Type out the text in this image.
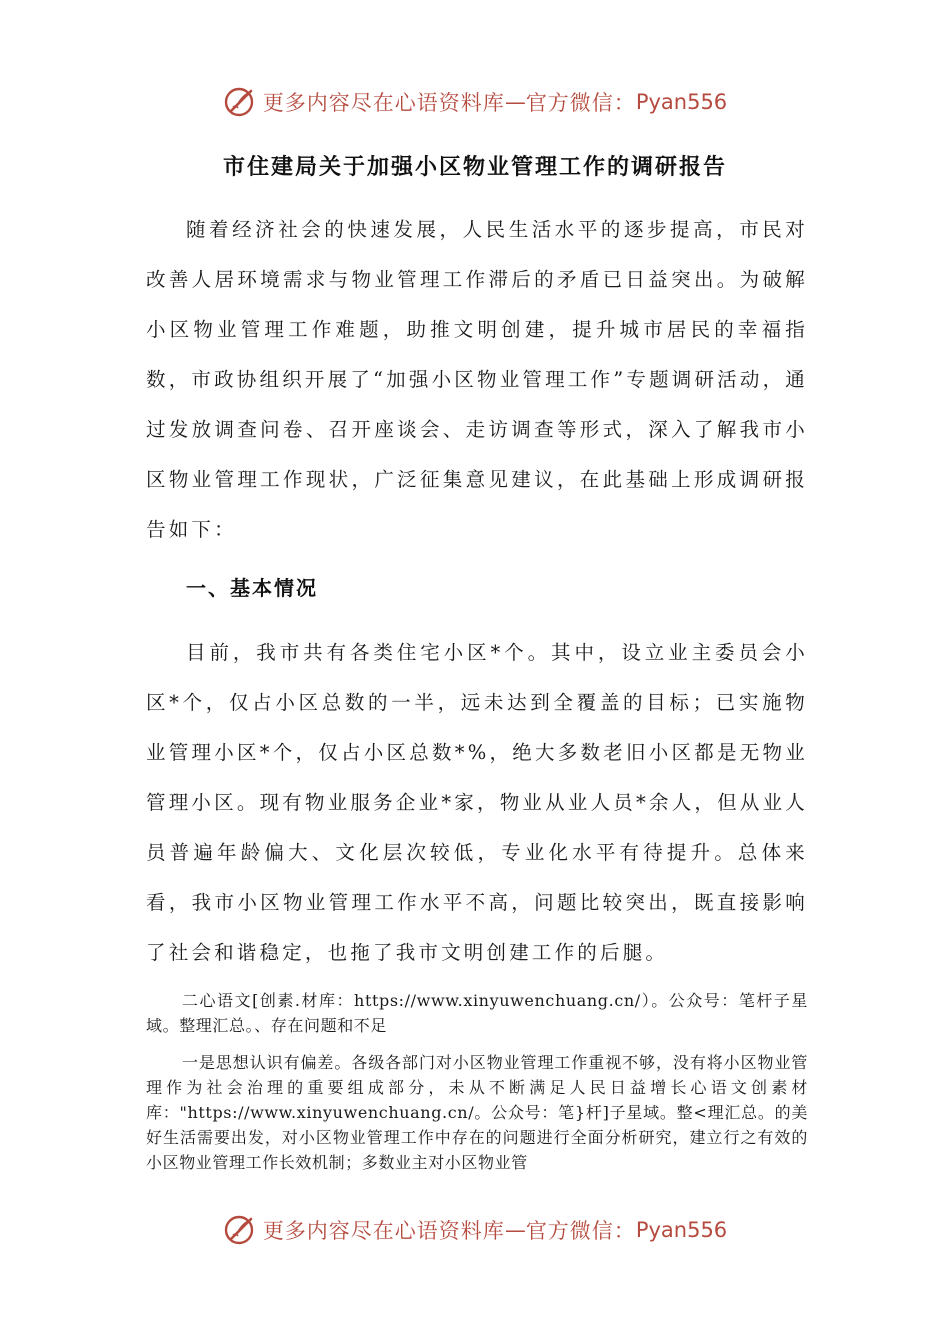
更多内容尽在心语资料库 — 官方微信： Pyan556
市住建局关于加强小区物业管理工作的调研报告

随着经济社会的快速发展，人民生活水平的逐步提高，市民对改善人居环境需求与物业管理工作滞后的矛盾已日益突出。为破解小区物业管理工作难题，助推文明创建，提升城市居民的幸福指数，市政协组织开展了“加强小区物业管理工作”专题调研活动，通过发放调查问卷、召开座谈会、走访调查等形式，深入了解我市小区物业管理工作现状，广泛征集意见建议，在此基础上形成调研报告如下：

一、基本情况

目前，我市共有各类住宅小区*个。其中，设立业主委员会小区*个，仅占小区总数的一半，远未达到全覆盖的目标；已实施物业管理小区*个，仅占小区总数*%，绝大多数老旧小区都是无物业管理小区。现有物业服务企业*家，物业从业人员*余人，但从业人员普遍年龄偏大、文化层次较低，专业化水平有待提升。总体来看，我市小区物业管理工作水平不高，问题比较突出，既直接影响了社会和谐稳定，也拖了我市文明创建工作的后腿。

二心语文[创素.材库：https://www.xinyuwenchuang.cn/）。公众号：笔杆子星域。整理汇总。、存在问题和不足

一是思想认识有偏差。各级各部门对小区物业管理工作重视不够，没有将小区物业管理作为社会治理的重要组成部分，未从不断满足人民日益增长心语文创素材库："https://www.xinyuwenchuang.cn/。公众号：笔}杆]子星域。整<理汇总。的美好生活需要出发，对小区物业管理工作中存在的问题进行全面分析研究，建立行之有效的小区物业管理工作长效机制；多数业主对小区物业管

更多内容尽在心语资料库 — 官方微信： Pyan556
